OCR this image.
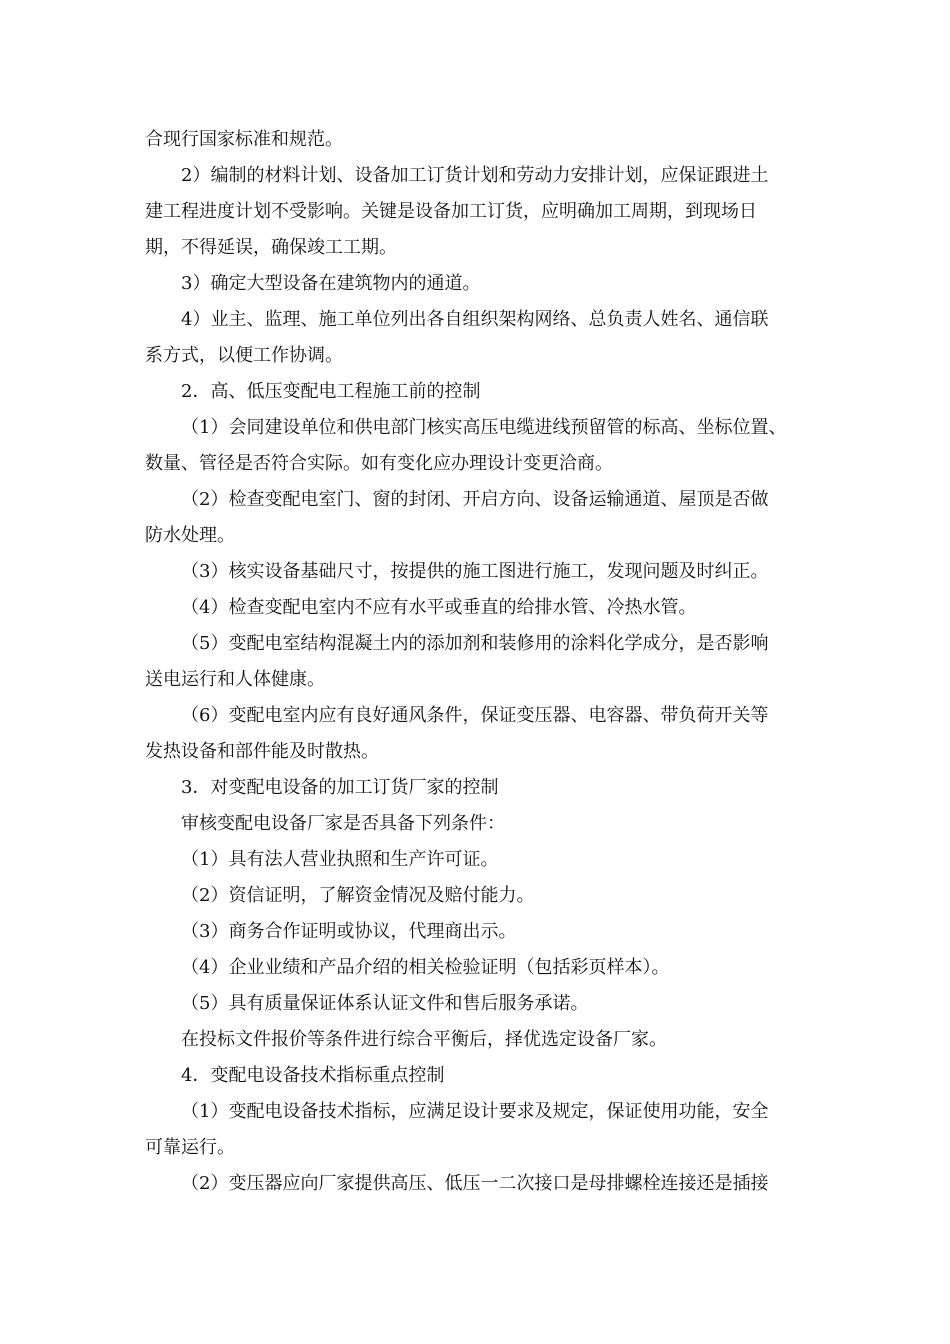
合现行国家标准和规范。
2）编制的材料计划、设备加工订货计划和劳动力安排计划，应保证跟进土
建工程进度计划不受影响。关键是设备加工订货，应明确加工周期，到现场日
期，不得延误，确保竣工工期。
3）确定大型设备在建筑物内的通道。
4）业主、监理、施工单位列出各自组织架构网络、总负责人姓名、通信联
系方式，以便工作协调。
2．高、低压变配电工程施工前的控制
（1）会同建设单位和供电部门核实高压电缆进线预留管的标高、坐标位置、
数量、管径是否符合实际。如有变化应办理设计变更洽商。
（2）检查变配电室门、窗的封闭、开启方向、设备运输通道、屋顶是否做
防水处理。
（3）核实设备基础尺寸，按提供的施工图进行施工，发现问题及时纠正。
（4）检查变配电室内不应有水平或垂直的给排水管、冷热水管。
（5）变配电室结构混凝土内的添加剂和装修用的涂料化学成分，是否影响
送电运行和人体健康。
（6）变配电室内应有良好通风条件，保证变压器、电容器、带负荷开关等
发热设备和部件能及时散热。
3．对变配电设备的加工订货厂家的控制
审核变配电设备厂家是否具备下列条件：
（1）具有法人营业执照和生产许可证。
（2）资信证明，了解资金情况及赔付能力。
（3）商务合作证明或协议，代理商出示。
（4）企业业绩和产品介绍的相关检验证明（包括彩页样本）。
（5）具有质量保证体系认证文件和售后服务承诺。
在投标文件报价等条件进行综合平衡后，择优选定设备厂家。
4．变配电设备技术指标重点控制
（1）变配电设备技术指标，应满足设计要求及规定，保证使用功能，安全
可靠运行。
（2）变压器应向厂家提供高压、低压一二次接口是母排螺栓连接还是插接
